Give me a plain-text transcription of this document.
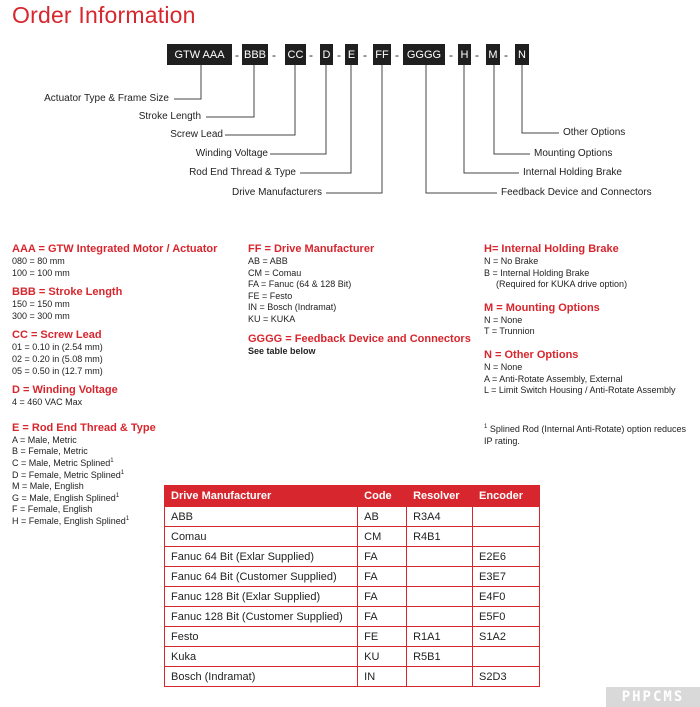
Order Information
GTW AAA - BBB - CC - D - E - FF - GGGG - H - M - N
Actuator Type & Frame Size
Stroke Length
Screw Lead
Winding Voltage
Rod End Thread & Type
Drive Manufacturers
Other Options
Mounting Options
Internal Holding Brake
Feedback Device and Connectors
AAA = GTW Integrated Motor / Actuator
080 = 80 mm
100 = 100 mm
BBB = Stroke Length
150 = 150 mm
300 = 300 mm
CC = Screw Lead
01 = 0.10 in (2.54 mm)
02 = 0.20 in (5.08 mm)
05 = 0.50 in (12.7 mm)
D = Winding Voltage
4 = 460 VAC Max
E = Rod End Thread & Type
A = Male, Metric
B = Female, Metric
C = Male, Metric Splined$^1$
D = Female, Metric Splined$^1$
M = Male, English
G = Male, English Splined$^1$
F = Female, English
H = Female, English Splined$^1$
FF = Drive Manufacturer
AB = ABB
CM = Comau
FA = Fanuc (64 & 128 Bit)
FE = Festo
IN = Bosch (Indramat)
KU = KUKA
GGGG = Feedback Device and Connectors
See table below
H= Internal Holding Brake
N = No Brake
B = Internal Holding Brake
(Required for KUKA drive option)
M = Mounting Options
N = None
T = Trunnion
N = Other Options
N = None
A = Anti-Rotate Assembly, External
L = Limit Switch Housing / Anti-Rotate Assembly
$^1$ Splined Rod (Internal Anti-Rotate) option reduces IP rating.
Drive Manufacturer	Code	Resolver	Encoder
ABB	AB	R3A4	
Comau	CM	R4B1	
Fanuc 64 Bit (Exlar Supplied)	FA		E2E6
Fanuc 64 Bit (Customer Supplied)	FA		E3E7
Fanuc 128 Bit (Exlar Supplied)	FA		E4F0
Fanuc 128 Bit (Customer Supplied)	FA		E5F0
Festo	FE	R1A1	S1A2
Kuka	KU	R5B1	
Bosch (Indramat)	IN		S2D3
PHPCMS
